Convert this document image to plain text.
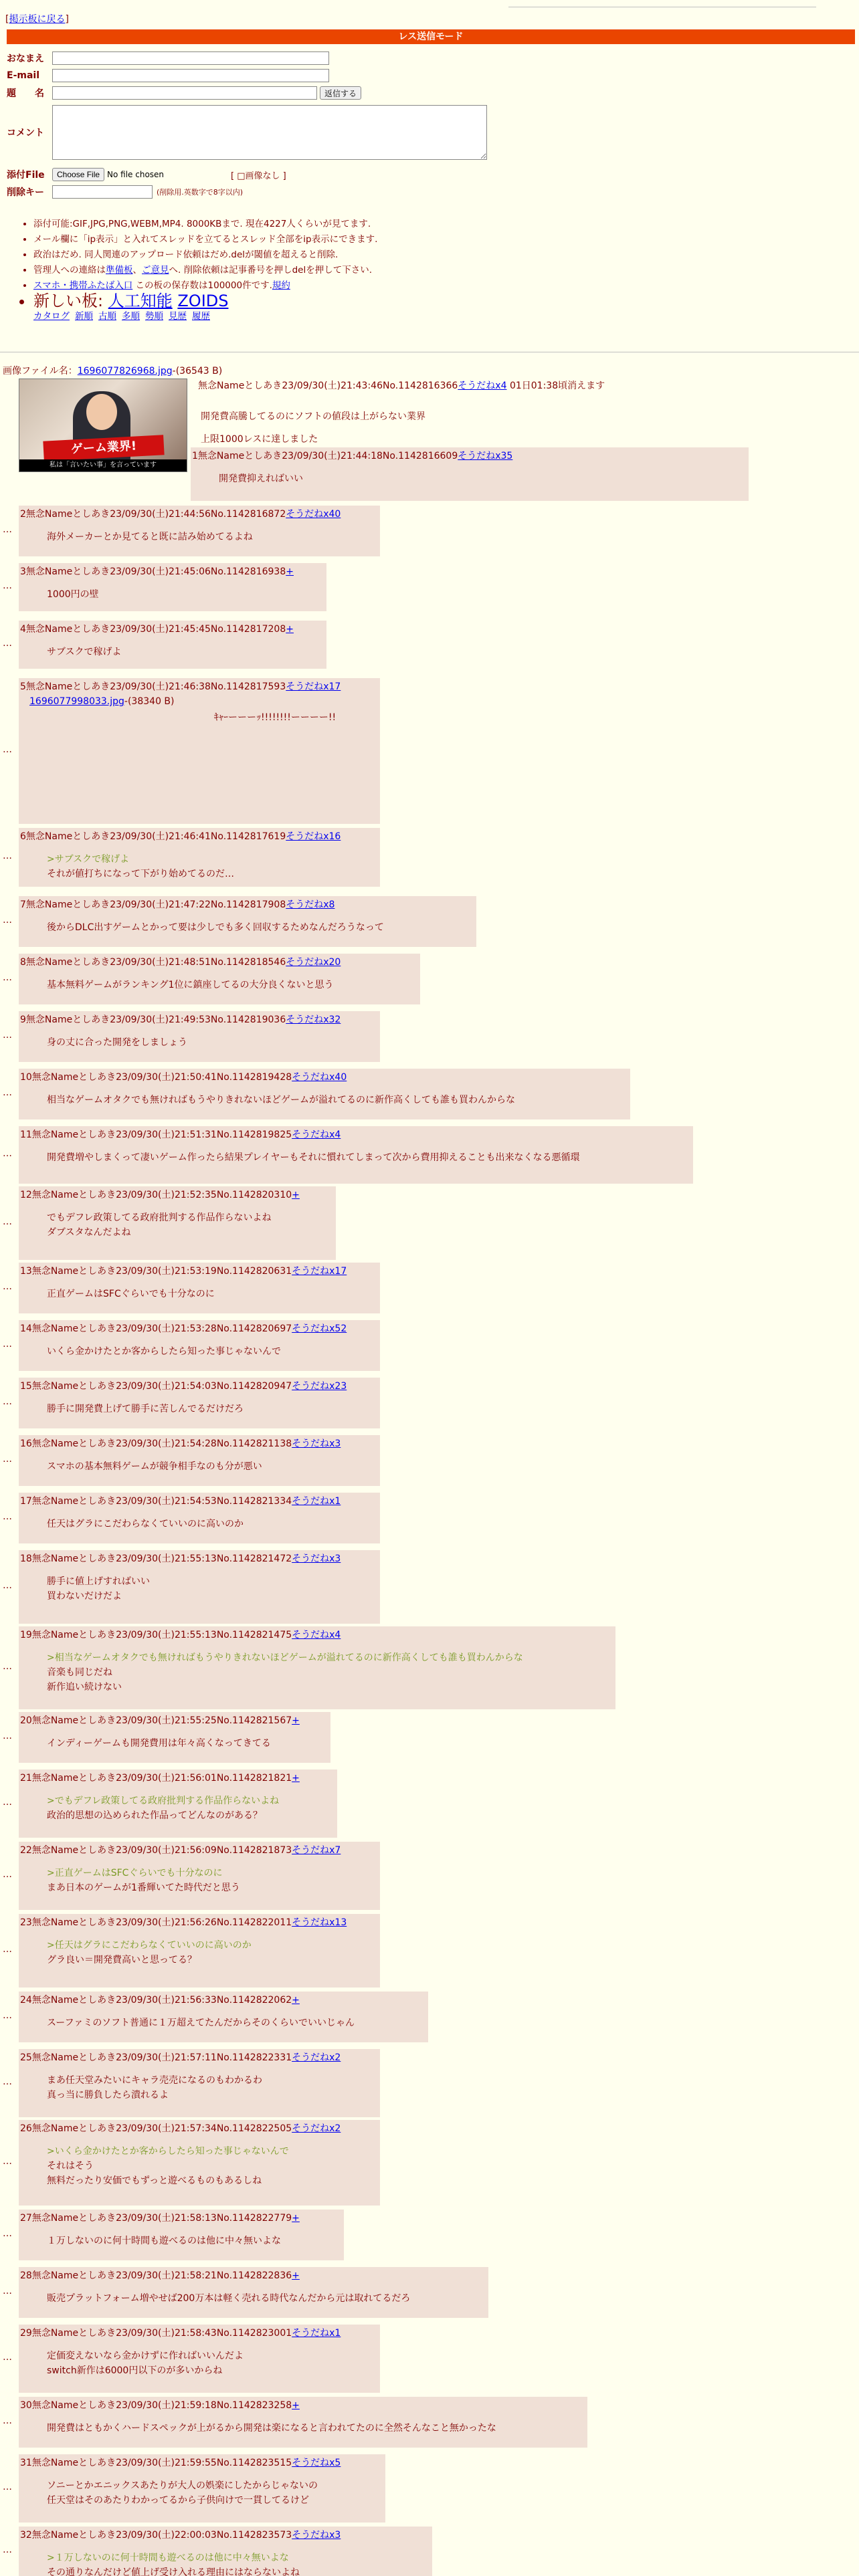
[掲示板に戻る]
レス送信モード
おなまえ
E-mail
題　　名	返信する
コメント
添付File	Choose File No file chosen	[ □画像なし ]
削除キー	(削除用.英数字で8字以内)
• 添付可能:GIF,JPG,PNG,WEBM,MP4. 8000KBまで. 現在4227人くらいが見てます.
• メール欄に「ip表示」と入れてスレッドを立てるとスレッド全部をip表示にできます.
• 政治はだめ. 同人関連のアップロード依頼はだめ.delが閾値を超えると削除.
• 管理人への連絡は準備板、ご意見へ. 削除依頼は記事番号を押しdelを押して下さい.
• スマホ・携帯ふたば入口 この板の保存数は100000件です.規約
• 新しい板: 人工知能 ZOIDS
カタログ 新順 古順 多順 勢順 見歴 履歴
画像ファイル名：1696077826968.jpg-(36543 B)
ゲーム業界!
私は「言いたい事」を言っています
無念Nameとしあき23/09/30(土)21:43:46No.1142816366そうだねx4 01日01:38頃消えます
開発費高騰してるのにソフトの値段は上がらない業界
上限1000レスに達しました
1無念Nameとしあき23/09/30(土)21:44:18No.1142816609そうだねx35
開発費抑えればいい
…
2無念Nameとしあき23/09/30(土)21:44:56No.1142816872そうだねx40
海外メーカーとか見てると既に詰み始めてるよね
…
3無念Nameとしあき23/09/30(土)21:45:06No.1142816938+
1000円の壁
…
4無念Nameとしあき23/09/30(土)21:45:45No.1142817208+
サブスクで稼げよ
…
5無念Nameとしあき23/09/30(土)21:46:38No.1142817593そうだねx17
1696077998033.jpg-(38340 B)
ｷｬｰーーーｯ!!!!!!!!ーーーー!!
…
6無念Nameとしあき23/09/30(土)21:46:41No.1142817619そうだねx16
>サブスクで稼げよ
それが値打ちになって下がり始めてるのだ…
…
7無念Nameとしあき23/09/30(土)21:47:22No.1142817908そうだねx8
後からDLC出すゲームとかって要は少しでも多く回収するためなんだろうなって
…
8無念Nameとしあき23/09/30(土)21:48:51No.1142818546そうだねx20
基本無料ゲームがランキング1位に鎮座してるの大分良くないと思う
…
9無念Nameとしあき23/09/30(土)21:49:53No.1142819036そうだねx32
身の丈に合った開発をしましょう
…
10無念Nameとしあき23/09/30(土)21:50:41No.1142819428そうだねx40
相当なゲームオタクでも無ければもうやりきれないほどゲームが溢れてるのに新作高くしても誰も買わんからな
…
11無念Nameとしあき23/09/30(土)21:51:31No.1142819825そうだねx4
開発費増やしまくって凄いゲーム作ったら結果プレイヤーもそれに慣れてしまって次から費用抑えることも出来なくなる悪循環
…
12無念Nameとしあき23/09/30(土)21:52:35No.1142820310+
でもデフレ政策してる政府批判する作品作らないよね
ダブスタなんだよね
…
13無念Nameとしあき23/09/30(土)21:53:19No.1142820631そうだねx17
正直ゲームはSFCぐらいでも十分なのに
…
14無念Nameとしあき23/09/30(土)21:53:28No.1142820697そうだねx52
いくら金かけたとか客からしたら知った事じゃないんで
…
15無念Nameとしあき23/09/30(土)21:54:03No.1142820947そうだねx23
勝手に開発費上げて勝手に苦しんでるだけだろ
…
16無念Nameとしあき23/09/30(土)21:54:28No.1142821138そうだねx3
スマホの基本無料ゲームが競争相手なのも分が悪い
…
17無念Nameとしあき23/09/30(土)21:54:53No.1142821334そうだねx1
任天はグラにこだわらなくていいのに高いのか
…
18無念Nameとしあき23/09/30(土)21:55:13No.1142821472そうだねx3
勝手に値上げすればいい
買わないだけだよ
…
19無念Nameとしあき23/09/30(土)21:55:13No.1142821475そうだねx4
>相当なゲームオタクでも無ければもうやりきれないほどゲームが溢れてるのに新作高くしても誰も買わんからな
音楽も同じだね
新作追い続けない
…
20無念Nameとしあき23/09/30(土)21:55:25No.1142821567+
インディーゲームも開発費用は年々高くなってきてる
…
21無念Nameとしあき23/09/30(土)21:56:01No.1142821821+
>でもデフレ政策してる政府批判する作品作らないよね
政治的思想の込められた作品ってどんなのがある？
…
22無念Nameとしあき23/09/30(土)21:56:09No.1142821873そうだねx7
>正直ゲームはSFCぐらいでも十分なのに
まあ日本のゲームが1番輝いてた時代だと思う
…
23無念Nameとしあき23/09/30(土)21:56:26No.1142822011そうだねx13
>任天はグラにこだわらなくていいのに高いのか
グラ良い＝開発費高いと思ってる？
…
24無念Nameとしあき23/09/30(土)21:56:33No.1142822062+
スーファミのソフト普通に１万超えてたんだからそのくらいでいいじゃん
…
25無念Nameとしあき23/09/30(土)21:57:11No.1142822331そうだねx2
まあ任天堂みたいにキャラ売売になるのもわかるわ
真っ当に勝負したら潰れるよ
…
26無念Nameとしあき23/09/30(土)21:57:34No.1142822505そうだねx2
>いくら金かけたとか客からしたら知った事じゃないんで
それはそう
無料だったり安価でもずっと遊べるものもあるしね
…
27無念Nameとしあき23/09/30(土)21:58:13No.1142822779+
１万しないのに何十時間も遊べるのは他に中々無いよな
…
28無念Nameとしあき23/09/30(土)21:58:21No.1142822836+
販売プラットフォーム増やせば200万本は軽く売れる時代なんだから元は取れてるだろ
…
29無念Nameとしあき23/09/30(土)21:58:43No.1142823001そうだねx1
定価変えないなら金かけずに作ればいいんだよ
switch新作は6000円以下のが多いからね
…
30無念Nameとしあき23/09/30(土)21:59:18No.1142823258+
開発費はともかくハードスペックが上がるから開発は楽になると言われてたのに全然そんなこと無かったな
…
31無念Nameとしあき23/09/30(土)21:59:55No.1142823515そうだねx5
ソニーとかエニックスあたりが大人の娯楽にしたからじゃないの
任天堂はそのあたりわかってるから子供向けで一貫してるけど
…
32無念Nameとしあき23/09/30(土)22:00:03No.1142823573そうだねx3
>１万しないのに何十時間も遊べるのは他に中々無いよな
その通りなんだけど値上げ受け入れる理由にはならないよね
